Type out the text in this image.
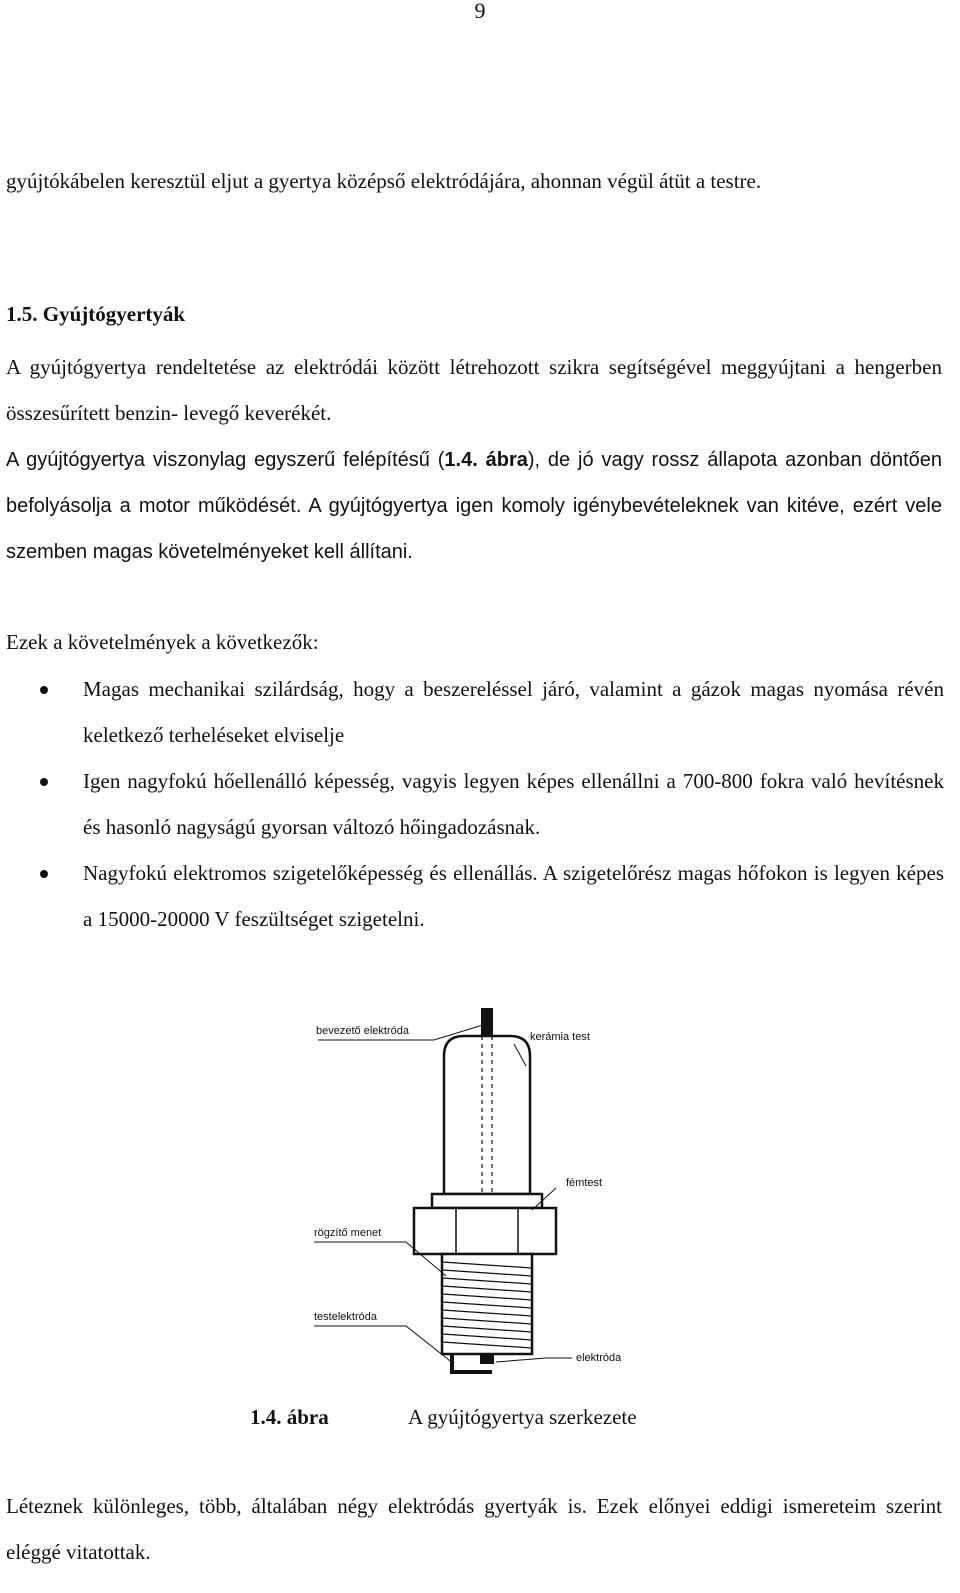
9

gyújtókábelen keresztül eljut a gyertya középső elektródájára, ahonnan végül átüt a testre.

1.5. Gyújtógyertyák

A gyújtógyertya rendeltetése az elektródái között létrehozott szikra segítségével meggyújtani a hengerben összesűrített benzin- levegő keverékét.

A gyújtógyertya viszonylag egyszerű felépítésű (1.4. ábra), de jó vagy rossz állapota azonban döntően befolyásolja a motor működését. A gyújtógyertya igen komoly igénybevételeknek van kitéve, ezért vele szemben magas követelményeket kell állítani.

Ezek a követelmények a következők:

Magas mechanikai szilárdság, hogy a beszereléssel járó, valamint a gázok magas nyomása révén keletkező terheléseket elviselje
Igen nagyfokú hőellenálló képesség, vagyis legyen képes ellenállni a 700-800 fokra való hevítésnek és hasonló nagyságú gyorsan változó hőingadozásnak.
Nagyfokú elektromos szigetelőképesség és ellenállás. A szigetelőrész magas hőfokon is legyen képes a 15000-20000 V feszültséget szigetelni.
bevezető elektróda	kerámia test
fémtest
rögzítő menet
testelektróda
elektróda
1.4. ábra	A gyújtógyertya szerkezete

Léteznek különleges, több, általában négy elektródás gyertyák is. Ezek előnyei eddigi ismereteim szerint eléggé vitatottak.
